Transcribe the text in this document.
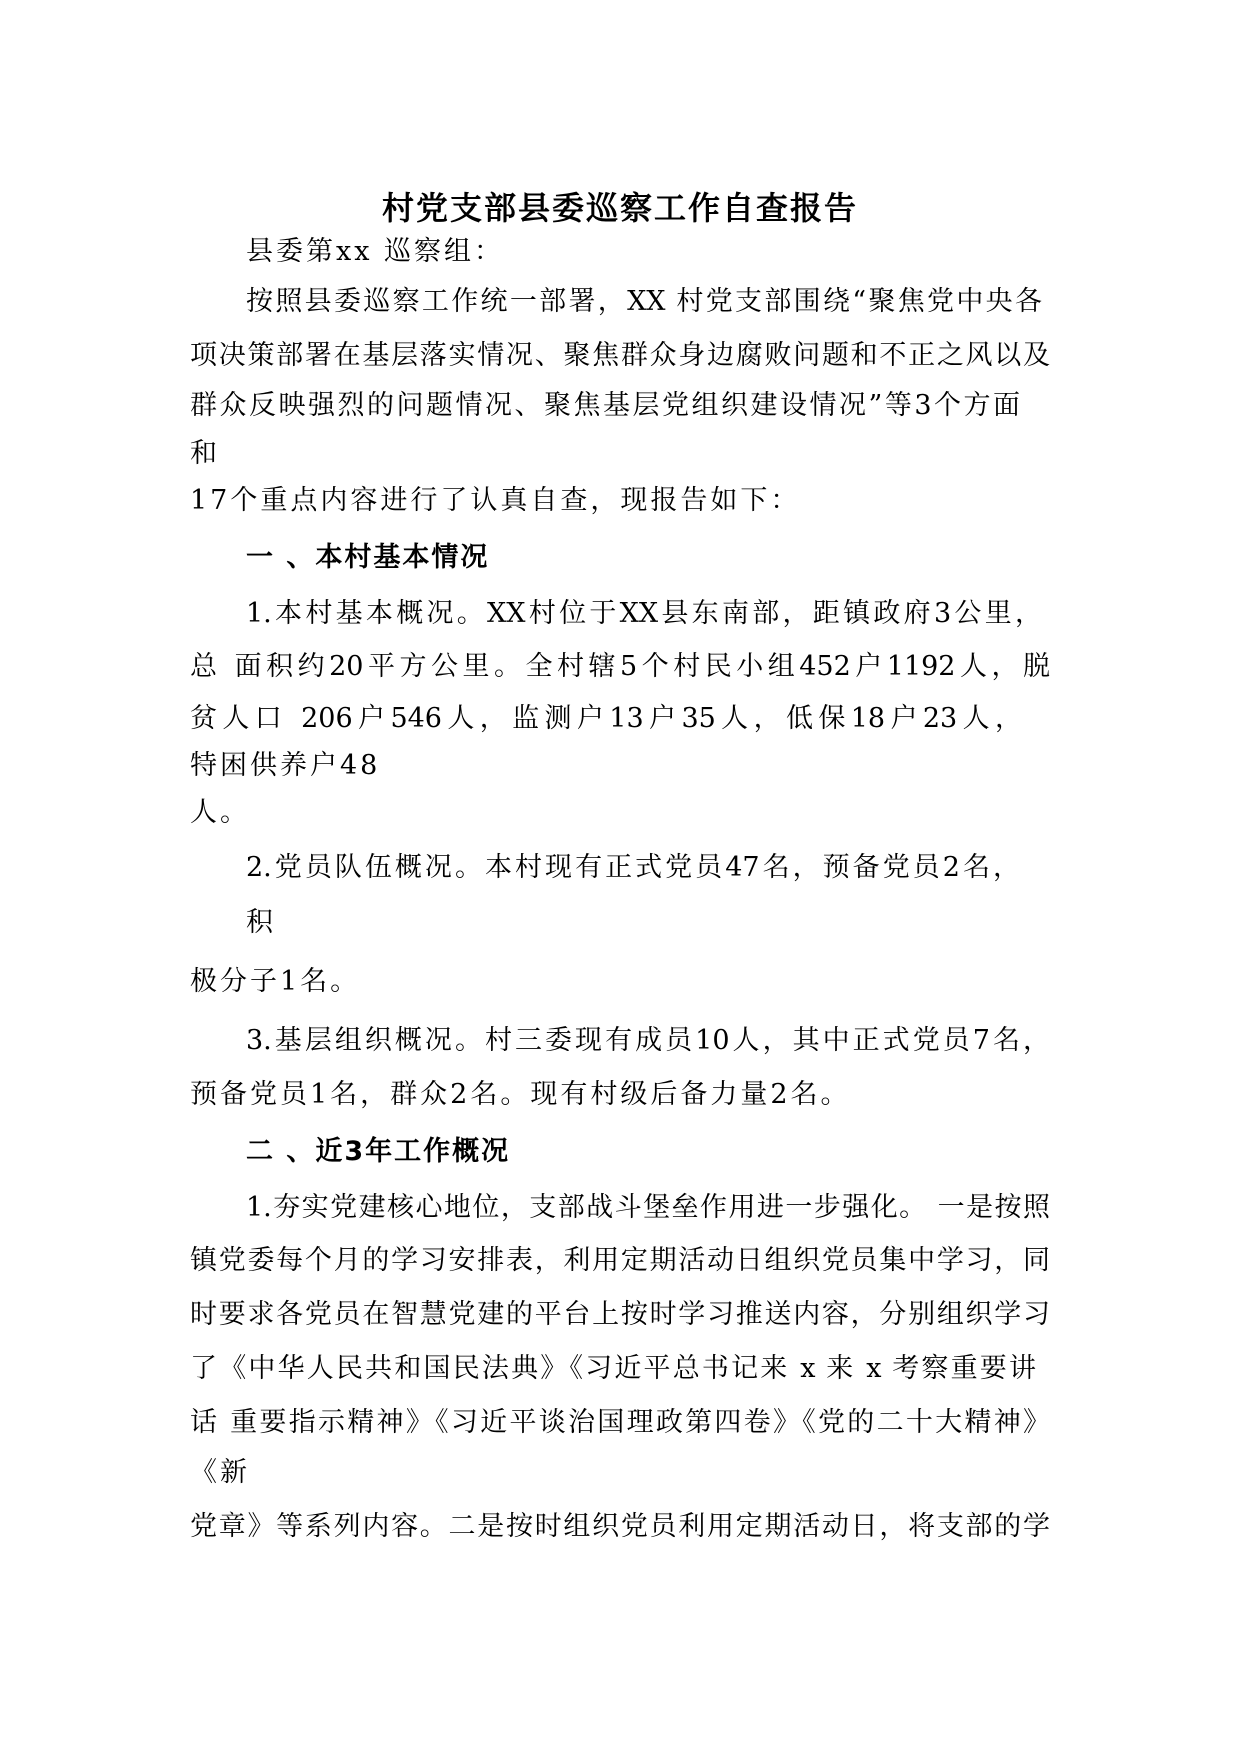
村党支部县委巡察工作自查报告

县委第xx 巡察组：

按照县委巡察工作统一部署，XX 村党支部围绕“聚焦党中央各

项决策部署在基层落实情况、聚焦群众身边腐败问题和不正之风以及

群众反映强烈的问题情况、聚焦基层党组织建设情况”等3个方面

和

17个重点内容进行了认真自查，现报告如下：

一 、本村基本情况

1.本村基本概况。XX村位于XX县东南部，距镇政府3公里，

总 面积约20平方公里。全村辖5个村民小组452户1192人，脱

贫人口 206户546人，监测户13户35人，低保18户23人，

特困供养户48

人。

2.党员队伍概况。本村现有正式党员47名，预备党员2名，

积

极分子1名。

3.基层组织概况。村三委现有成员10人，其中正式党员7名，

预备党员1名，群众2名。现有村级后备力量2名。

二 、近3年工作概况

1.夯实党建核心地位，支部战斗堡垒作用进一步强化。 一是按照

镇党委每个月的学习安排表，利用定期活动日组织党员集中学习，同

时要求各党员在智慧党建的平台上按时学习推送内容，分别组织学习

了《中华人民共和国民法典》《习近平总书记来 x 来 x 考察重要讲

话 重要指示精神》《习近平谈治国理政第四卷》《党的二十大精神》

《新

党章》等系列内容。二是按时组织党员利用定期活动日，将支部的学
